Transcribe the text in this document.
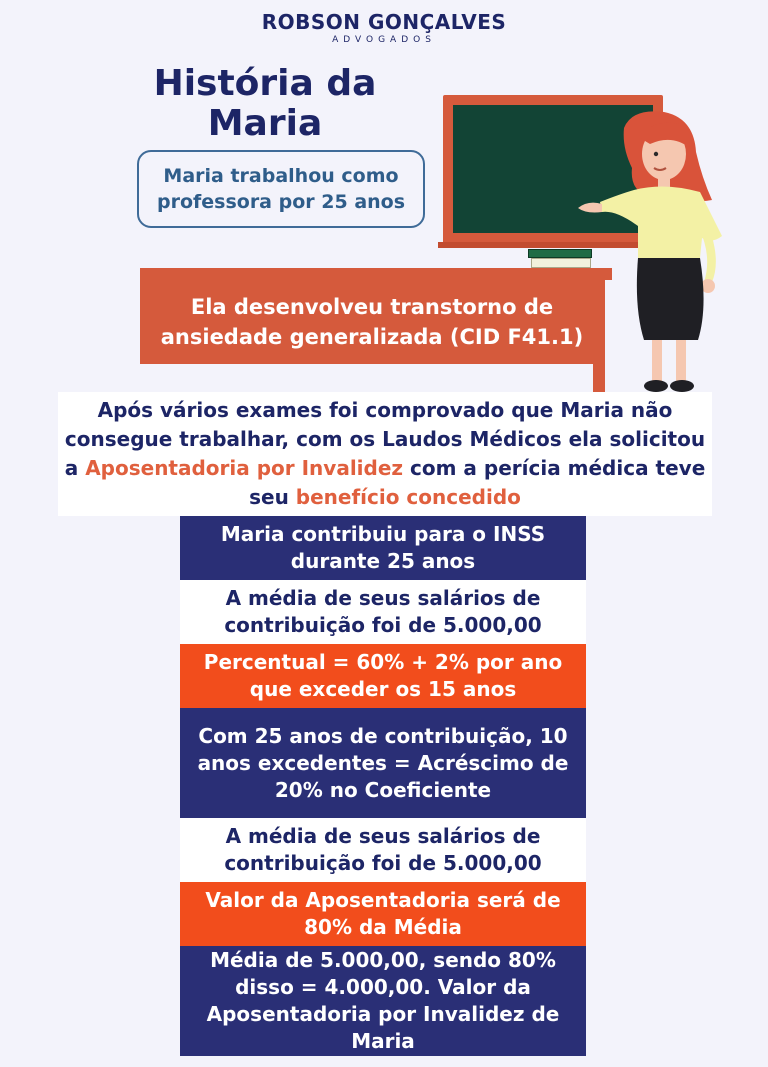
ROBSON GONÇALVES
ADVOGADOS
História da Maria
Maria trabalhou como professora por 25 anos
Ela desenvolveu transtorno de ansiedade generalizada (CID F41.1)

Após vários exames foi comprovado que Maria não consegue trabalhar, com os Laudos Médicos ela solicitou a Aposentadoria por Invalidez com a perícia médica teve seu benefício concedido

Maria contribuiu para o INSS durante 25 anos
A média de seus salários de contribuição foi de 5.000,00
Percentual = 60% + 2% por ano que exceder os 15 anos
Com 25 anos de contribuição, 10 anos excedentes = Acréscimo de 20% no Coeficiente
A média de seus salários de contribuição foi de 5.000,00
Valor da Aposentadoria será de 80% da Média
Média de 5.000,00, sendo 80% disso = 4.000,00. Valor da Aposentadoria por Invalidez de Maria
